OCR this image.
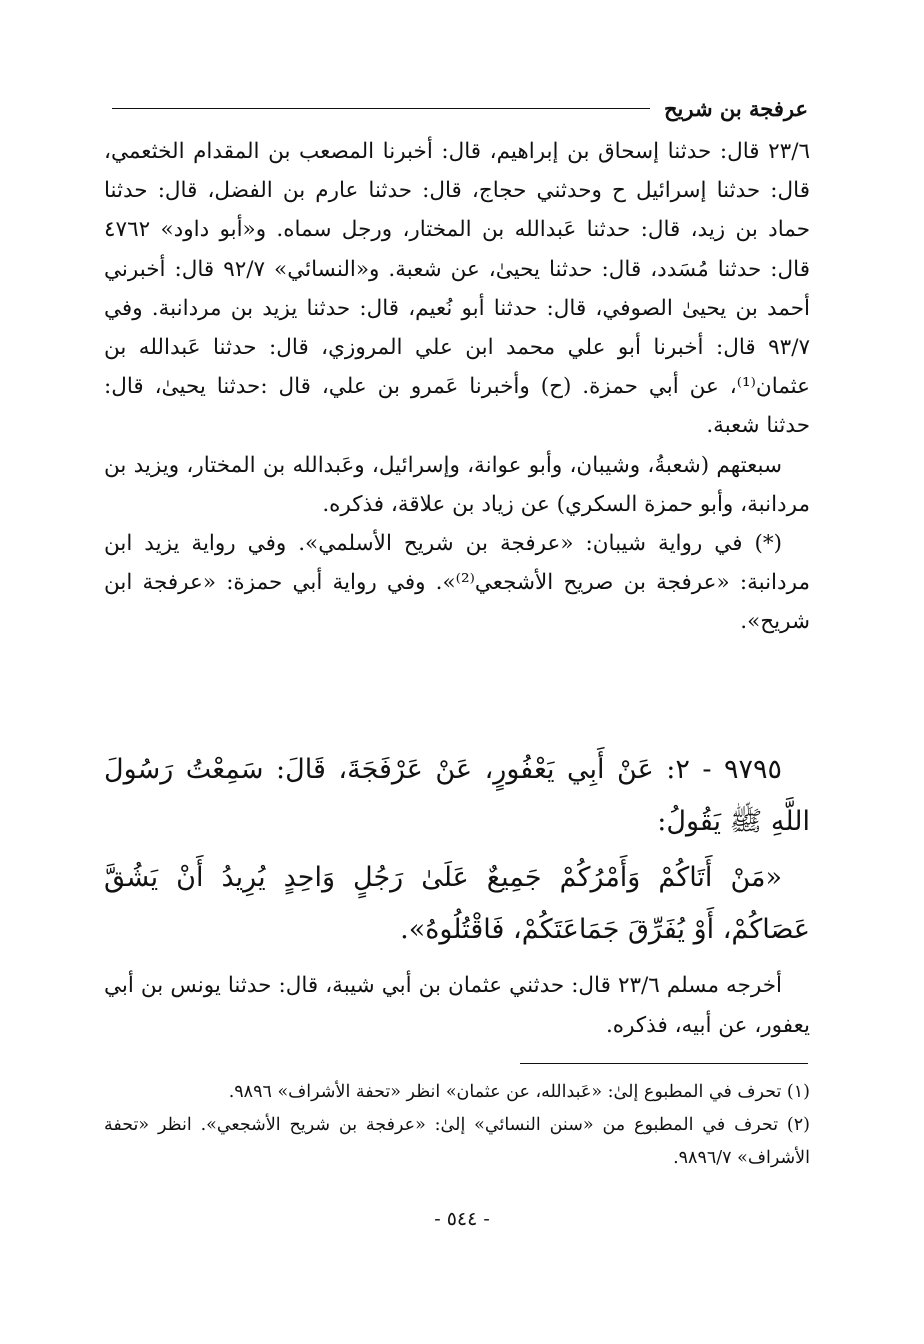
عرفجة بن شريح

٢٣/٦ قال: حدثنا إسحاق بن إبراهيم، قال: أخبرنا المصعب بن المقدام الخثعمي، قال: حدثنا إسرائيل ح وحدثني حجاج، قال: حدثنا عارم بن الفضل، قال: حدثنا حماد بن زيد، قال: حدثنا عَبدالله بن المختار، ورجل سماه. و«أبو داود» ٤٧٦٢ قال: حدثنا مُسَدد، قال: حدثنا يحيىٰ، عن شعبة. و«النسائي» ٩٢/٧ قال: أخبرني أحمد بن يحيىٰ الصوفي، قال: حدثنا أبو نُعيم، قال: حدثنا يزيد بن مردانبة. وفي ٩٣/٧ قال: أخبرنا أبو علي محمد ابن علي المروزي، قال: حدثنا عَبدالله بن عثمان⁽¹⁾، عن أبي حمزة. (ح) وأخبرنا عَمرو بن علي، قال :حدثنا يحيىٰ، قال: حدثنا شعبة.

سبعتهم (شعبةُ، وشيبان، وأبو عوانة، وإسرائيل، وعَبدالله بن المختار، ويزيد بن مردانبة، وأبو حمزة السكري) عن زياد بن علاقة، فذكره.

(*) في رواية شيبان: «عرفجة بن شريح الأسلمي». وفي رواية يزيد ابن مردانبة: «عرفجة بن صريح الأشجعي⁽²⁾». وفي رواية أبي حمزة: «عرفجة ابن شريح».

٩٧٩٥ - ٢: عَنْ أَبِي يَعْفُورٍ، عَنْ عَرْفَجَةَ، قَالَ: سَمِعْتُ رَسُولَ اللَّهِ ﷺ يَقُولُ:

«مَنْ أَتَاكُمْ وَأَمْرُكُمْ جَمِيعٌ عَلَىٰ رَجُلٍ وَاحِدٍ يُرِيدُ أَنْ يَشُقَّ عَصَاكُمْ، أَوْ يُفَرِّقَ جَمَاعَتَكُمْ، فَاقْتُلُوهُ».

أخرجه مسلم ٢٣/٦ قال: حدثني عثمان بن أبي شيبة، قال: حدثنا يونس بن أبي يعفور، عن أبيه، فذكره.

(١) تحرف في المطبوع إلىٰ: «عَبدالله، عن عثمان» انظر «تحفة الأشراف» ٩٨٩٦.

(٢) تحرف في المطبوع من «سنن النسائي» إلىٰ: «عرفجة بن شريح الأشجعي». انظر «تحفة الأشراف» ٩٨٩٦/٧.

- ٥٤٤ -
